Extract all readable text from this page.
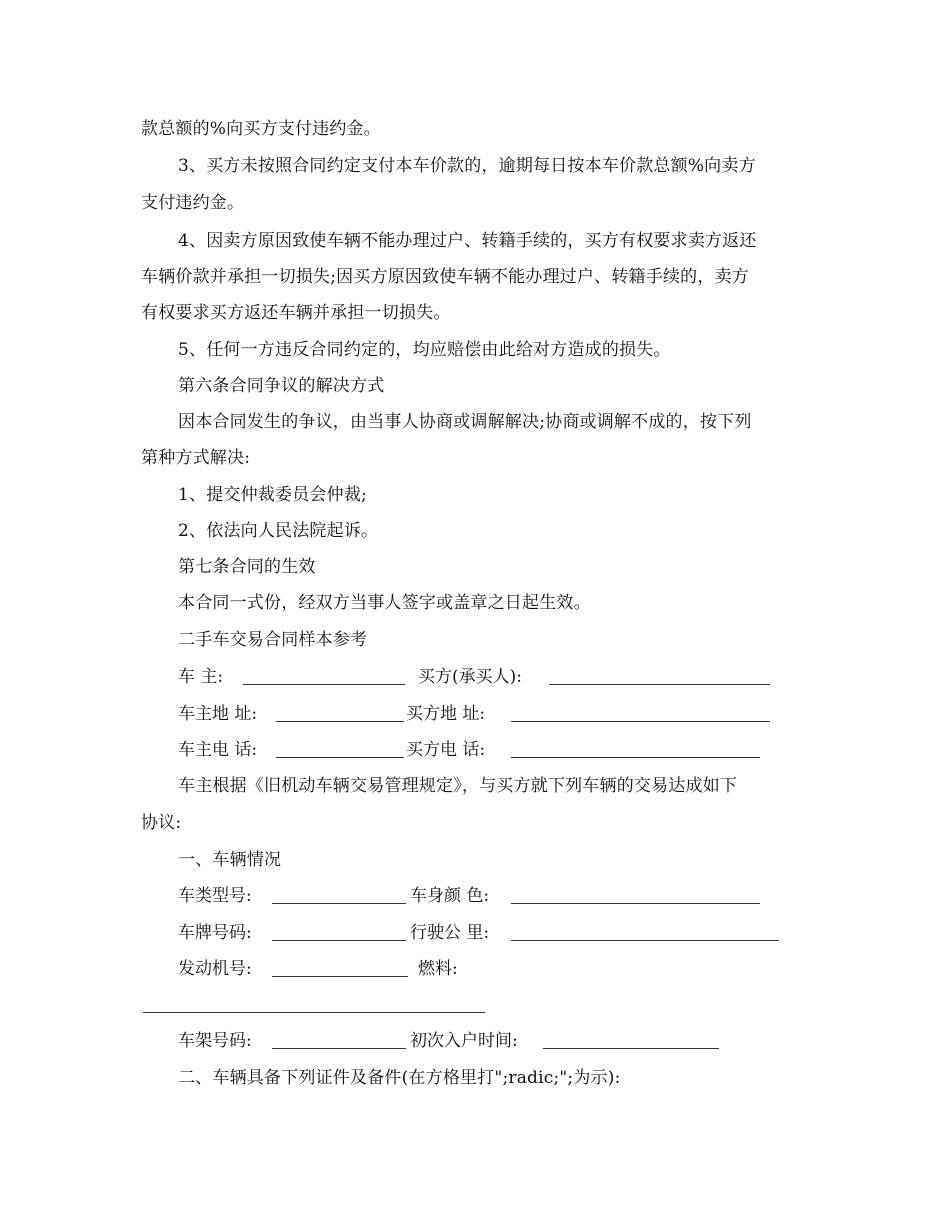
款总额的%向买方支付违约金。
3、买方未按照合同约定支付本车价款的，逾期每日按本车价款总额%向卖方
支付违约金。
4、因卖方原因致使车辆不能办理过户、转籍手续的，买方有权要求卖方返还
车辆价款并承担一切损失;因买方原因致使车辆不能办理过户、转籍手续的，卖方
有权要求买方返还车辆并承担一切损失。
5、任何一方违反合同约定的，均应赔偿由此给对方造成的损失。
第六条合同争议的解决方式
因本合同发生的争议，由当事人协商或调解解决;协商或调解不成的，按下列
第种方式解决:
1、提交仲裁委员会仲裁;
2、依法向人民法院起诉。
第七条合同的生效
本合同一式份，经双方当事人签字或盖章之日起生效。
二手车交易合同样本参考
车 主:	买方(承买人):
车主地 址:	买方地 址:
车主电 话:	买方电 话:
车主根据《旧机动车辆交易管理规定》，与买方就下列车辆的交易达成如下
协议:
一、车辆情况
车类型号:	车身颜 色:
车牌号码:	行驶公 里:
发动机号:	燃料:
车架号码:	初次入户时间:
二、车辆具备下列证件及备件(在方格里打";radic;";为示):
